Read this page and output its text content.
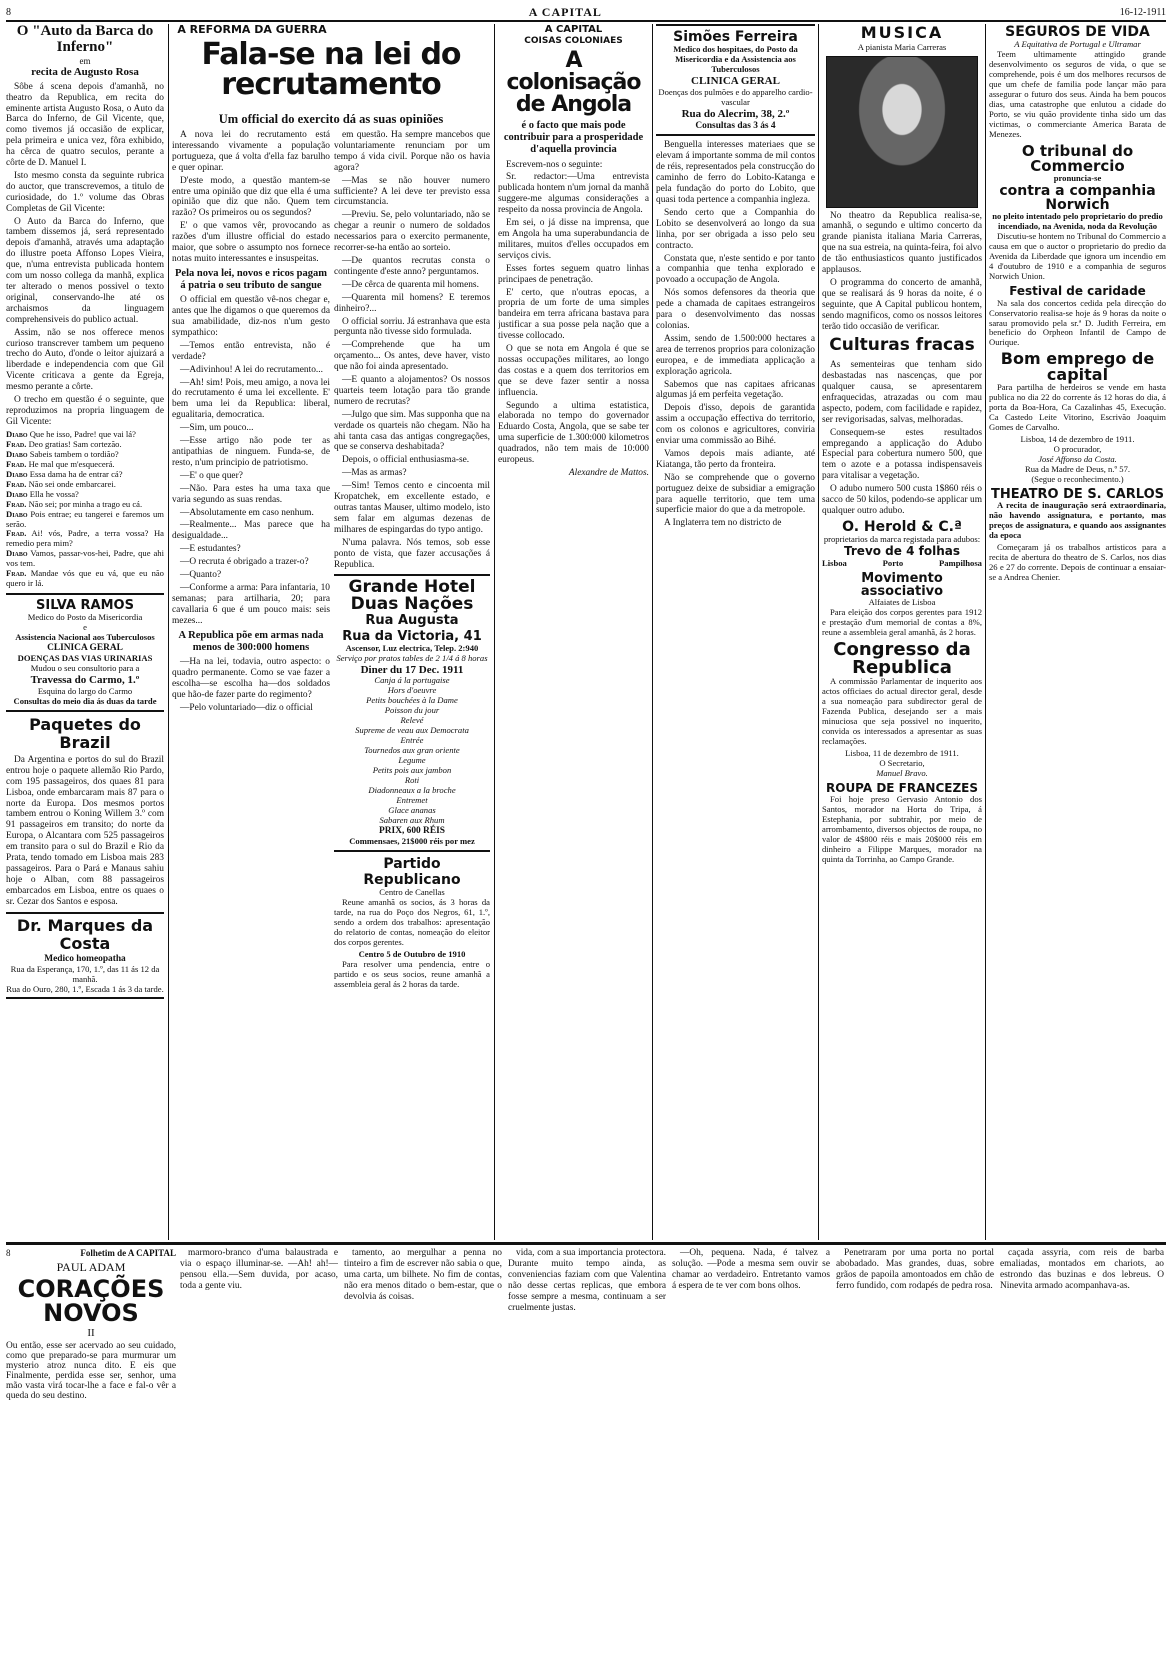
8	A CAPITAL	16-12-1911
O "Auto da Barca do Inferno"
em
recita de Augusto Rosa

Sôbe á scena depois d'amanhã, no theatro da Republica, em recita do eminente artista Augusto Rosa, o Auto da Barca do Inferno, de Gil Vicente, que, como tivemos já occasião de explicar, pela primeira e unica vez, fôra exhibido, ha cêrca de quatro seculos, perante a côrte de D. Manuel I.

Isto mesmo consta da seguinte rubrica do auctor, que transcrevemos, a titulo de curiosidade, do 1.º volume das Obras Completas de Gil Vicente:

O Auto da Barca do Inferno, que tambem dissemos já, será representado depois d'amanhã, através uma adaptação do illustre poeta Affonso Lopes Vieira, que, n'uma entrevista publicada hontem com um nosso collega da manhã, explica ter alterado o menos possivel o texto original, conservando-lhe até os archaismos da linguagem comprehensiveis do publico actual.

Assim, não se nos offerece menos curioso transcrever tambem um pequeno trecho do Auto, d'onde o leitor ajuizará a liberdade e independencia com que Gil Vicente criticava a gente da Egreja, mesmo perante a côrte.

O trecho em questão é o seguinte, que reproduzimos na propria linguagem de Gil Vicente:

Diabo Que he isso, Padre! que vai lá?

Frad. Deo gratias! Sam cortezão.

Diabo Sabeis tambem o tordião?

Frad. He mal que m'esquecerá.

Diabo Essa dama ha de entrar cá?

Frad. Não sei onde embarcarei.

Diabo Ella he vossa?

Frad. Não sei; por minha a trago eu cá.

Diabo Pois entrae; eu tangerei e faremos um serão.

Frad. Ai! vós, Padre, a terra vossa? Ha remedio pera mim?

Diabo Vamos, passar-vos-hei, Padre, que ahi vos tem.

Frad. Mandae vós que eu vá, que eu não quero ir lá.

SILVA RAMOS
Medico do Posto da Misericordia
e
Assistencia Nacional aos Tuberculosos
CLINICA GERAL
DOENÇAS DAS VIAS URINARIAS
Mudou o seu consultorio para a
Travessa do Carmo, 1.º
Esquina do largo do Carmo
Consultas do meio dia ás duas da tarde
Paquetes do Brazil

Da Argentina e portos do sul do Brazil entrou hoje o paquete allemão Rio Pardo, com 195 passageiros, dos quaes 81 para Lisboa, onde embarcaram mais 87 para o norte da Europa. Dos mesmos portos tambem entrou o Koning Willem 3.º com 91 passageiros em transito; do norte da Europa, o Alcantara com 525 passageiros em transito para o sul do Brazil e Rio da Prata, tendo tomado em Lisboa mais 283 passageiros. Para o Pará e Manaus sahiu hoje o Alban, com 88 passageiros embarcados em Lisboa, entre os quaes o sr. Cezar dos Santos e esposa.

Dr. Marques da Costa
Medico homeopatha
Rua da Esperança, 170, 1.º, das 11 ás 12 da manhã.
Rua do Ouro, 280, 1.º, Escada 1 ás 3 da tarde.
A REFORMA DA GUERRA
Fala-se na lei do recrutamento
Um official do exercito dá as suas opiniões

A nova lei do recrutamento está interessando vivamente a população portugueza, que á volta d'ella faz barulho e quer opinar.

D'este modo, a questão mantem-se entre uma opinião que diz que ella é uma opinião que diz que não. Quem tem razão? Os primeiros ou os segundos?

E' o que vamos vêr, provocando as razões d'um illustre official do estado maior, que sobre o assumpto nos fornece notas muito interessantes e insuspeitas.

Pela nova lei, novos e ricos pagam á patria o seu tributo de sangue

O official em questão vê-nos chegar e, antes que lhe digamos o que queremos da sua amabilidade, diz-nos n'um gesto sympathico:

—Temos então entrevista, não é verdade?

—Adivinhou! A lei do recrutamento...

—Ah! sim! Pois, meu amigo, a nova lei do recrutamento é uma lei excellente. E' bem uma lei da Republica: liberal, egualitaria, democratica.

—Sim, um pouco...

—Esse artigo não pode ter as antipathias de ninguem. Funda-se, de resto, n'um principio de patriotismo.

—E' o que quer?

—Não. Para estes ha uma taxa que varia segundo as suas rendas.

—Absolutamente em caso nenhum.

—Realmente... Mas parece que ha desigualdade...

—E estudantes?

—O recruta é obrigado a trazer-o?

—Quanto?

—Conforme a arma: Para infantaria, 10 semanas; para artilharia, 20; para cavallaria 6 que é um pouco mais: seis mezes...

A Republica põe em armas nada menos de 300:000 homens

—Ha na lei, todavia, outro aspecto: o quadro permanente. Como se vae fazer a escolha—se escolha ha—dos soldados que hão-de fazer parte do regimento?

—Pelo voluntariado—diz o official

em questão. Ha sempre mancebos que voluntariamente renunciam por um tempo á vida civil. Porque não os havia agora?

—Mas se não houver numero sufficiente? A lei deve ter previsto essa circumstancia.

—Previu. Se, pelo voluntariado, não se chegar a reunir o numero de soldados necessarios para o exercito permanente, recorrer-se-ha então ao sorteio.

—De quantos recrutas consta o contingente d'este anno? perguntamos.

—De cêrca de quarenta mil homens.

—Quarenta mil homens? E teremos dinheiro?...

O official sorriu. Já estranhava que esta pergunta não tivesse sido formulada.

—Comprehende que ha um orçamento... Os antes, deve haver, visto que não foi ainda apresentado.

—E quanto a alojamentos? Os nossos quarteis teem lotação para tão grande numero de recrutas?

—Julgo que sim. Mas supponha que na verdade os quarteis não chegam. Não ha ahi tanta casa das antigas congregações, que se conserva deshabitada?

Depois, o official enthusiasma-se.

—Mas as armas?

—Sim! Temos cento e cincoenta mil Kropatchek, em excellente estado, e outras tantas Mauser, ultimo modelo, isto sem falar em algumas dezenas de milhares de espingardas do typo antigo.

N'uma palavra. Nós temos, sob esse ponto de vista, que fazer accusações á Republica.

Grande Hotel Duas Nações
Rua Augusta
Rua da Victoria, 41
Ascensor, Luz electrica, Telep. 2:940
Serviço por pratos tables de 2 1/4 á 8 horas
Diner du 17 Dec. 1911

Canja á la portugaise

Hors d'oeuvre

Petits bouchées à la Dame

Poisson du jour

Relevé

Supreme de veau aux Democrata

Entrée

Tournedos aux gran oriente

Legume

Petits pois aux jambon

Roti

Diadonneaux a la broche

Entremet

Glace ananas

Sabaren aux Rhum

PRIX, 600 RÉIS
Commensaes, 21$000 réis por mez
Partido Republicano
Centro de Canellas

Reune amanhã os socios, ás 3 horas da tarde, na rua do Poço dos Negros, 61, 1.º, sendo a ordem dos trabalhos: apresentação do relatorio de contas, nomeação do eleitor dos corpos gerentes.

Centro 5 de Outubro de 1910

Para resolver uma pendencia, entre o partido e os seus socios, reune amanhã a assembleia geral ás 2 horas da tarde.

A CAPITAL
COISAS COLONIAES
A colonisação de Angola
é o facto que mais pode contribuir para a prosperidade d'aquella provincia

Escrevem-nos o seguinte:

Sr. redactor:—Uma entrevista publicada hontem n'um jornal da manhã suggere-me algumas considerações a respeito da nossa provincia de Angola.

Em sei, o já disse na imprensa, que em Angola ha uma superabundancia de militares, muitos d'elles occupados em serviços civis.

Esses fortes seguem quatro linhas principaes de penetração.

E' certo, que n'outras epocas, a propria de um forte de uma simples bandeira em terra africana bastava para justificar a sua posse pela nação que a tivesse collocado.

O que se nota em Angola é que se nossas occupações militares, ao longo das costas e a quem dos territorios em que se deve fazer sentir a nossa influencia.

Segundo a ultima estatistica, elaborada no tempo do governador Eduardo Costa, Angola, que se sabe ter uma superficie de 1.300:000 kilometros quadrados, não tem mais de 10:000 europeus.

Alexandre de Mattos.

Simões Ferreira
Medico dos hospitaes, do Posto da Misericordia e da Assistencia aos Tuberculosos
CLINICA GERAL
Doenças dos pulmões e do apparelho cardio-vascular
Rua do Alecrim, 38, 2.º
Consultas das 3 ás 4

Benguella interesses materiaes que se elevam á importante somma de mil contos de réis, representados pela construcção do caminho de ferro do Lobito-Katanga e pela fundação do porto do Lobito, que quasi toda pertence a companhia ingleza.

Sendo certo que a Companhia do Lobito se desenvolverá ao longo da sua linha, por ser obrigada a isso pelo seu contracto.

Constata que, n'este sentido e por tanto a companhia que tenha explorado e povoado a occupação de Angola.

Nós somos defensores da theoria que pede a chamada de capitaes estrangeiros para o desenvolvimento das nossas colonias.

Assim, sendo de 1.500:000 hectares a area de terrenos proprios para colonização europea, e de immediata applicação a exploração agricola.

Sabemos que nas capitaes africanas algumas já em perfeita vegetação.

Depois d'isso, depois de garantida assim a occupação effectiva do territorio, com os colonos e agricultores, conviria enviar uma commissão ao Bihé.

Vamos depois mais adiante, até Kiatanga, tão perto da fronteira.

Não se comprehende que o governo portuguez deixe de subsidiar a emigração para aquelle territorio, que tem uma superficie maior do que a da metropole.

A Inglaterra tem no districto de

MUSICA
A pianista Maria Carreras

No theatro da Republica realisa-se, amanhã, o segundo e ultimo concerto da grande pianista italiana Maria Carreras, que na sua estreia, na quinta-feira, foi alvo de tão enthusiasticos quanto justificados applausos.

O programma do concerto de amanhã, que se realisará ás 9 horas da noite, é o seguinte, que A Capital publicou hontem, sendo magnificos, como os nossos leitores terão tido occasião de verificar.

Culturas fracas

As sementeiras que tenham sido desbastadas nas nascenças, que por qualquer causa, se apresentarem enfraquecidas, atrazadas ou com mau aspecto, podem, com facilidade e rapidez, ser revigorisadas, salvas, melhoradas.

Consequem-se estes resultados empregando a applicação do Adubo Especial para cobertura numero 500, que tem o azote e a potassa indispensaveis para vitalisar a vegetação.

O adubo numero 500 custa 1$860 réis o sacco de 50 kilos, podendo-se applicar um qualquer outro adubo.

O. Herold & C.ª
proprietarios da marca registada para adubos:
Trevo de 4 folhas
Lisboa	Porto	Pampilhosa
Movimento associativo
Alfaiates de Lisboa

Para eleição dos corpos gerentes para 1912 e prestação d'um memorial de contas a 8%, reune a assembleia geral amanhã, ás 2 horas.

Congresso da Republica

A commissão Parlamentar de inquerito aos actos officiaes do actual director geral, desde a sua nomeação para subdirector geral de Fazenda Publica, desejando ser a mais minuciosa que seja possivel no inquerito, convida os interessados a apresentar as suas reclamações.

Lisboa, 11 de dezembro de 1911.
O Secretario,
Manuel Bravo.
ROUPA DE FRANCEZES

Foi hoje preso Gervasio Antonio dos Santos, morador na Horta do Tripa, á Estephania, por subtrahir, por meio de arrombamento, diversos objectos de roupa, no valor de 4$800 réis e mais 20$000 réis em dinheiro a Filippe Marques, morador na quinta da Torrinha, ao Campo Grande.

SEGUROS DE VIDA
A Equitativa de Portugal e Ultramar

Teem ultimamente attingido grande desenvolvimento os seguros de vida, o que se comprehende, pois é um dos melhores recursos de que um chefe de familia pode lançar mão para assegurar o futuro dos seus. Ainda ha bem poucos dias, uma catastrophe que enlutou a cidade do Porto, se viu quão providente tinha sido um das victimas, o commerciante America Barata de Menezes.

O tribunal do Commercio
pronuncia-se
contra a companhia Norwich
no pleito intentado pelo proprietario do predio incendiado, na Avenida, noda da Revolução

Discutiu-se hontem no Tribunal do Commercio a causa em que o auctor o proprietario do predio da Avenida da Liberdade que ignora um incendio em 4 d'outubro de 1910 e a companhia de seguros Norwich Union.

Festival de caridade

Na sala dos concertos cedida pela direcção do Conservatorio realisa-se hoje ás 9 horas da noite o sarau promovido pela sr.ª D. Judith Ferreira, em beneficio do Orpheon Infantil de Campo de Ourique.

Bom emprego de capital

Para partilha de herdeiros se vende em hasta publica no dia 22 do corrente ás 12 horas do dia, á porta da Boa-Hora, Ca Cazalinhas 45, Execução. Ca Castedo Leite Vitorino, Escrivão Joaquim Gomes de Carvalho.

Lisboa, 14 de dezembro de 1911.
O procurador,
José Affonso da Costa.
Rua da Madre de Deus, n.º 57.
(Segue o reconhecimento.)
THEATRO DE S. CARLOS

A recita de inauguração será extraordinaria, não havendo assignatura, e portanto, mas preços de assignatura, e quando aos assignantes da epoca

Começaram já os trabalhos artisticos para a recita de abertura do theatro de S. Carlos, nos dias 26 e 27 do corrente. Depois de continuar a ensaiar-se a Andrea Chenier.

8	Folhetim de A CAPITAL
PAUL ADAM
CORAÇÕES NOVOS
II

Ou então, esse ser acervado ao seu cuidado, como que preparado-se para murmurar um mysterio atroz nunca dito. E eis que Finalmente, perdida esse ser, senhor, uma mão vasta virá tocar-lhe a face e fal-o vêr a queda do seu destino.

marmoro-branco d'uma balaustrada e via o espaço illuminar-se. —Ah! ah!—pensou ella.—Sem duvida, por acaso, toda a gente viu.

tamento, ao mergulhar a penna no tinteiro a fim de escrever não sabia o que, uma carta, um bilhete. No fim de contas, não era menos ditado o bem-estar, que o devolvia ás coisas.

vida, com a sua importancia protectora. Durante muito tempo ainda, as conveniencias faziam com que Valentina não desse certas replicas, que embora fosse sempre a mesma, continuam a ser cruelmente justas.

—Oh, pequena. Nada, é talvez a solução. —Pode a mesma sem ouvir se chamar ao verdadeiro. Entretanto vamos á espera de te ver com bons olhos.

Penetraram por uma porta no portal abobadado. Mas grandes, duas, sobre grãos de papoila amontoados em chão de ferro fundido, com rodapés de pedra rosa.

caçada assyria, com reis de barba emaliadas, montados em chariots, ao estrondo das buzinas e dos lebreus. O Ninevita armado acompanhava-as.
